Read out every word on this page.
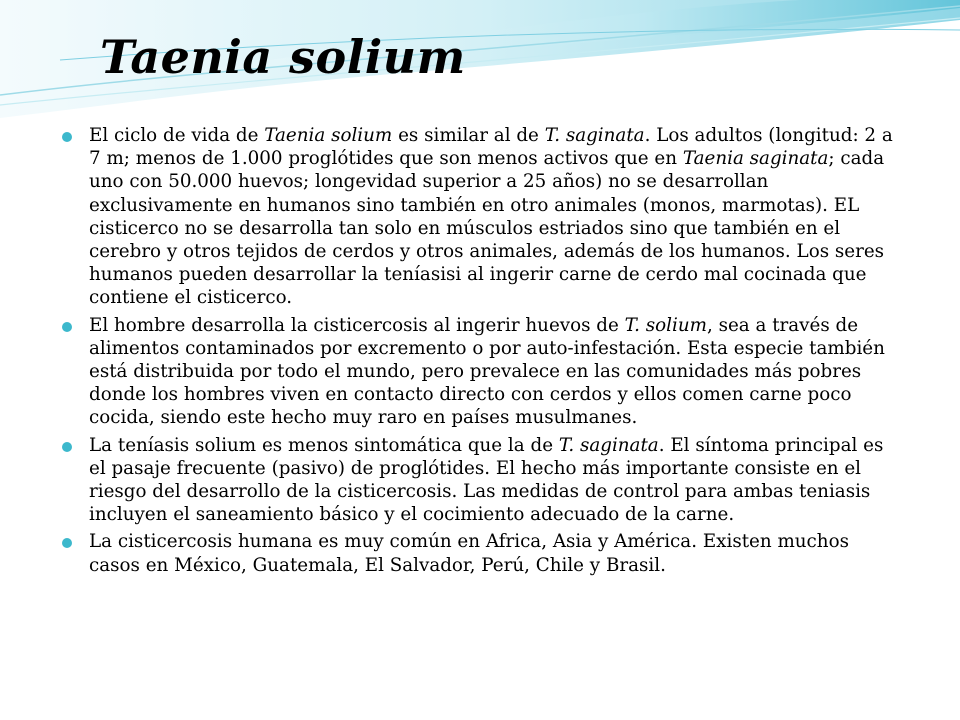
Taenia solium
El ciclo de vida de Taenia solium es similar al de T. saginata. Los adultos (longitud: 2 a 7 m; menos de 1.000 proglótides que son menos activos que en Taenia saginata; cada uno con 50.000 huevos; longevidad superior a 25 años) no se desarrollan exclusivamente en humanos sino también en otro animales (monos, marmotas). EL cisticerco no se desarrolla tan solo en músculos estriados sino que también en el cerebro y otros tejidos de cerdos y otros animales, además de los humanos. Los seres humanos pueden desarrollar la teníasisi al ingerir carne de cerdo mal cocinada que contiene el cisticerco.
El hombre desarrolla la cisticercosis al ingerir huevos de T. solium, sea a través de alimentos contaminados por excremento o por auto-infestación. Esta especie también está distribuida por todo el mundo, pero prevalece en las comunidades más pobres donde los hombres viven en contacto directo con cerdos y ellos comen carne poco cocida, siendo este hecho muy raro en países musulmanes.
La teníasis solium es menos sintomática que la de T. saginata. El síntoma principal es el pasaje frecuente (pasivo) de proglótides. El hecho más importante consiste en el riesgo del desarrollo de la cisticercosis. Las medidas de control para ambas teniasis incluyen el saneamiento básico y el cocimiento adecuado de la carne.
La cisticercosis humana es muy común en Africa, Asia y América. Existen muchos casos en México, Guatemala, El Salvador, Perú, Chile y Brasil.
